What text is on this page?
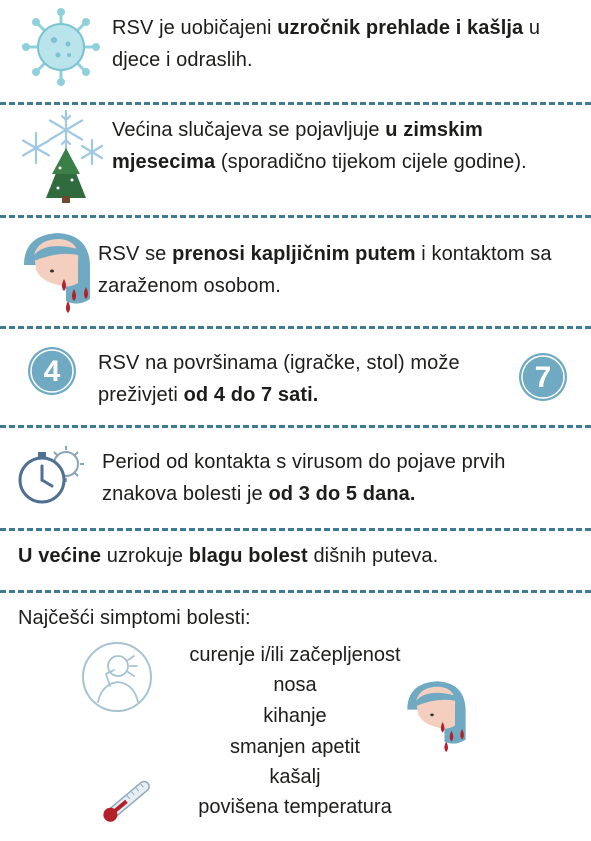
RSV je uobičajeni uzročnik prehlade i kašlja u djece i odraslih.
Većina slučajeva se pojavljuje u zimskim mjesecima (sporadično tijekom cijele godine).
RSV se prenosi kapljičnim putem i kontaktom sa zaraženom osobom.
4 RSV na površinama (igračke, stol) može preživjeti od 4 do 7 sati.
7
Period od kontakta s virusom do pojave prvih znakova bolesti je od 3 do 5 dana.
U većine uzrokuje blagu bolest dišnih puteva.
Najčešći simptomi bolesti:
curenje i/ili začepljenost
nosa
kihanje
smanjen apetit
kašalj
povišena temperatura
